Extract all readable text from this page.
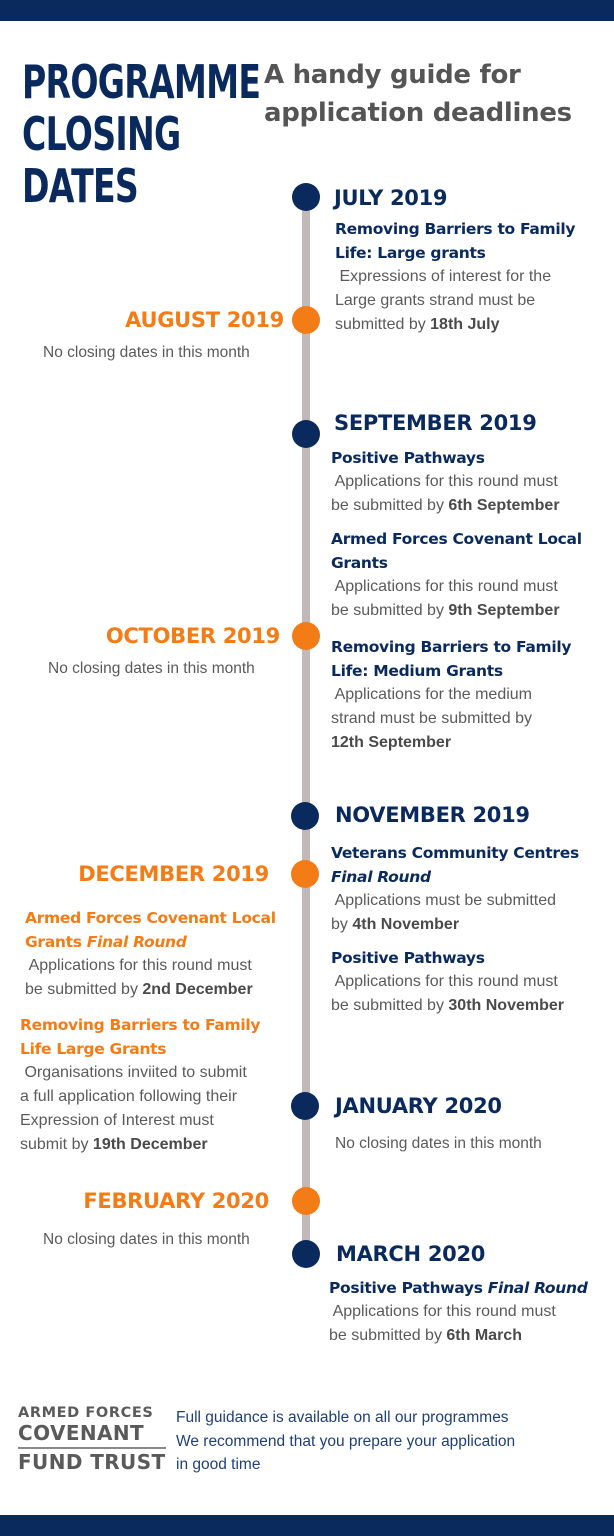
PROGRAMME
CLOSING
DATES
A handy guide for
application deadlines
JULY 2019
Removing Barriers to Family
Life: Large grants
Expressions of interest for the
Large grants strand must be
submitted by 18th July
AUGUST 2019
No closing dates in this month
SEPTEMBER 2019
Positive Pathways
Applications for this round must
be submitted by 6th September
Armed Forces Covenant Local
Grants
Applications for this round must
be submitted by 9th September
Removing Barriers to Family
Life: Medium Grants
Applications for the medium
strand must be submitted by
12th September
OCTOBER 2019
No closing dates in this month
NOVEMBER 2019
Veterans Community Centres
Final Round
Applications must be submitted
by 4th November
Positive Pathways
Applications for this round must
be submitted by 30th November
DECEMBER 2019
Armed Forces Covenant Local
Grants Final Round
Applications for this round must
be submitted by 2nd December
Removing Barriers to Family
Life Large Grants
Organisations inviited to submit
a full application following their
Expression of Interest must
submit by 19th December
JANUARY 2020
No closing dates in this month
FEBRUARY 2020
No closing dates in this month
MARCH 2020
Positive Pathways Final Round
Applications for this round must
be submitted by 6th March
ARMED FORCES
COVENANT
FUND TRUST
Full guidance is available on all our programmes
We recommend that you prepare your application
in good time
